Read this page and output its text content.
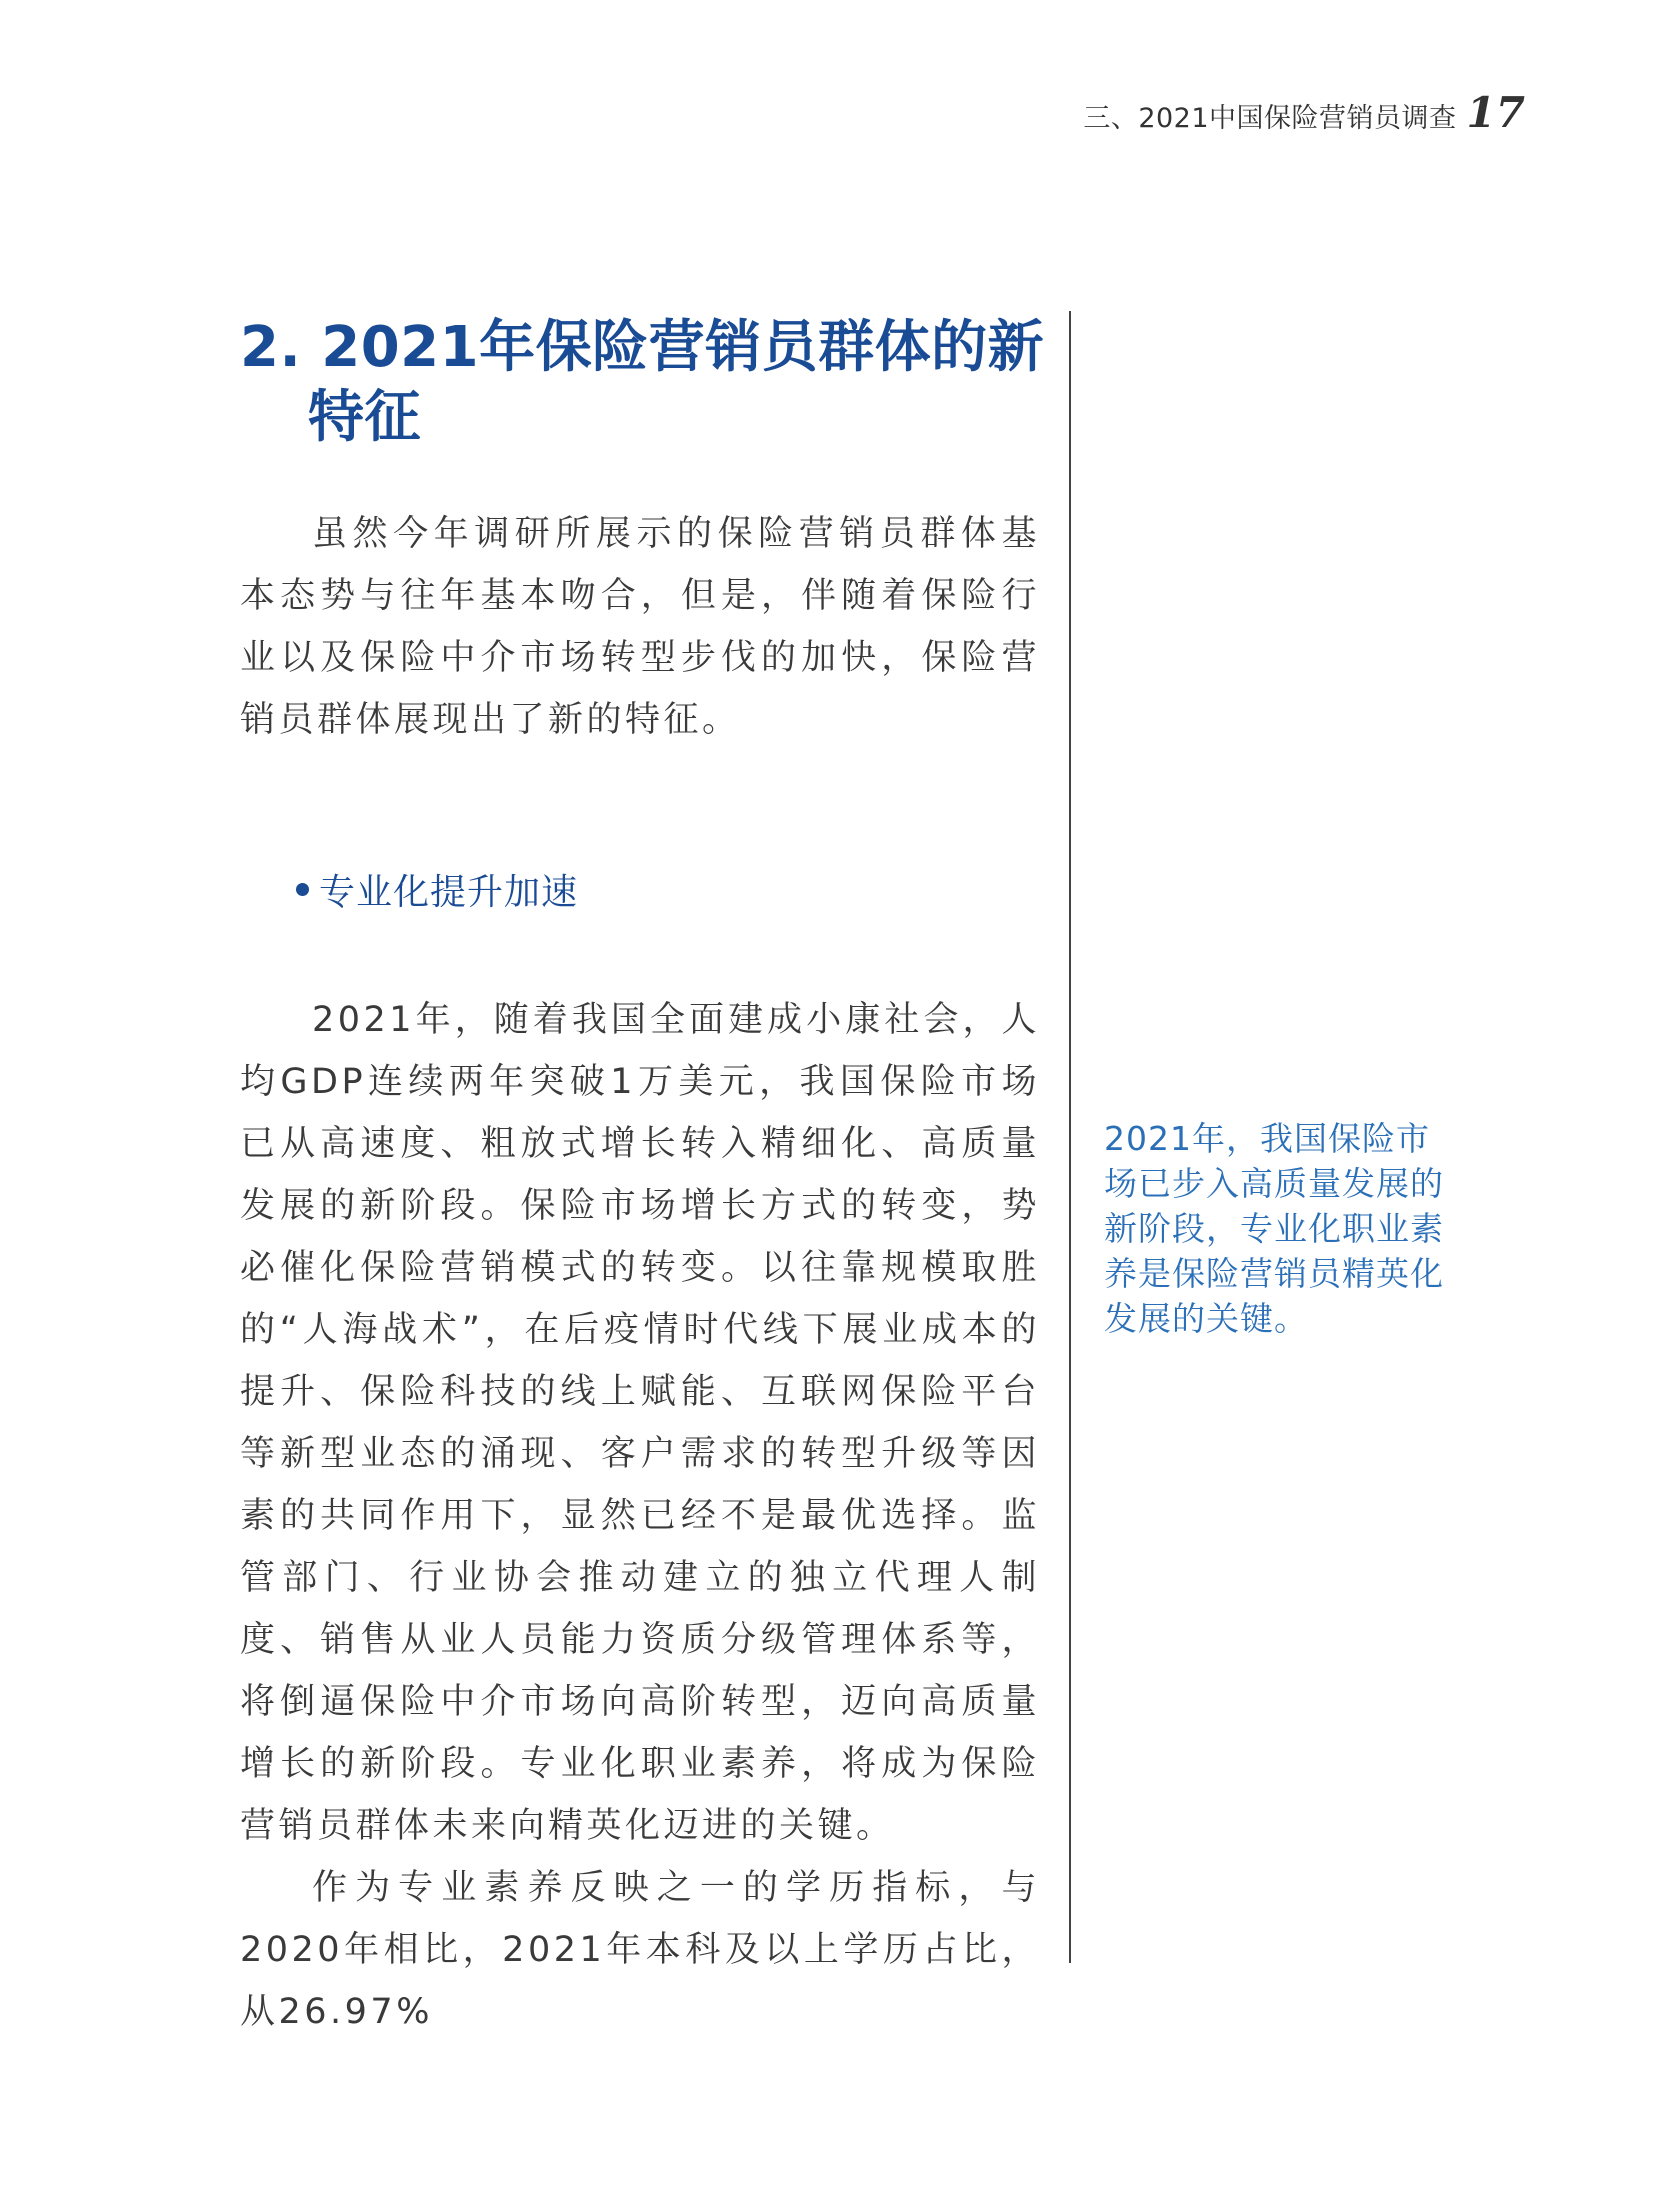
三、2021中国保险营销员调查 17
2. 2021年保险营销员群体的新特征

虽然今年调研所展示的保险营销员群体基本态势与往年基本吻合，但是，伴随着保险行业以及保险中介市场转型步伐的加快，保险营销员群体展现出了新的特征。

专业化提升加速

2021年，随着我国全面建成小康社会，人均GDP连续两年突破1万美元，我国保险市场已从高速度、粗放式增长转入精细化、高质量发展的新阶段。保险市场增长方式的转变，势必催化保险营销模式的转变。以往靠规模取胜的“人海战术”，在后疫情时代线下展业成本的提升、保险科技的线上赋能、互联网保险平台等新型业态的涌现、客户需求的转型升级等因素的共同作用下，显然已经不是最优选择。监管部门、行业协会推动建立的独立代理人制度、销售从业人员能力资质分级管理体系等，将倒逼保险中介市场向高阶转型，迈向高质量增长的新阶段。专业化职业素养，将成为保险营销员群体未来向精英化迈进的关键。

作为专业素养反映之一的学历指标，与2020年相比，2021年本科及以上学历占比，从26.97%

2021年，我国保险市场已步入高质量发展的新阶段，专业化职业素养是保险营销员精英化发展的关键。
